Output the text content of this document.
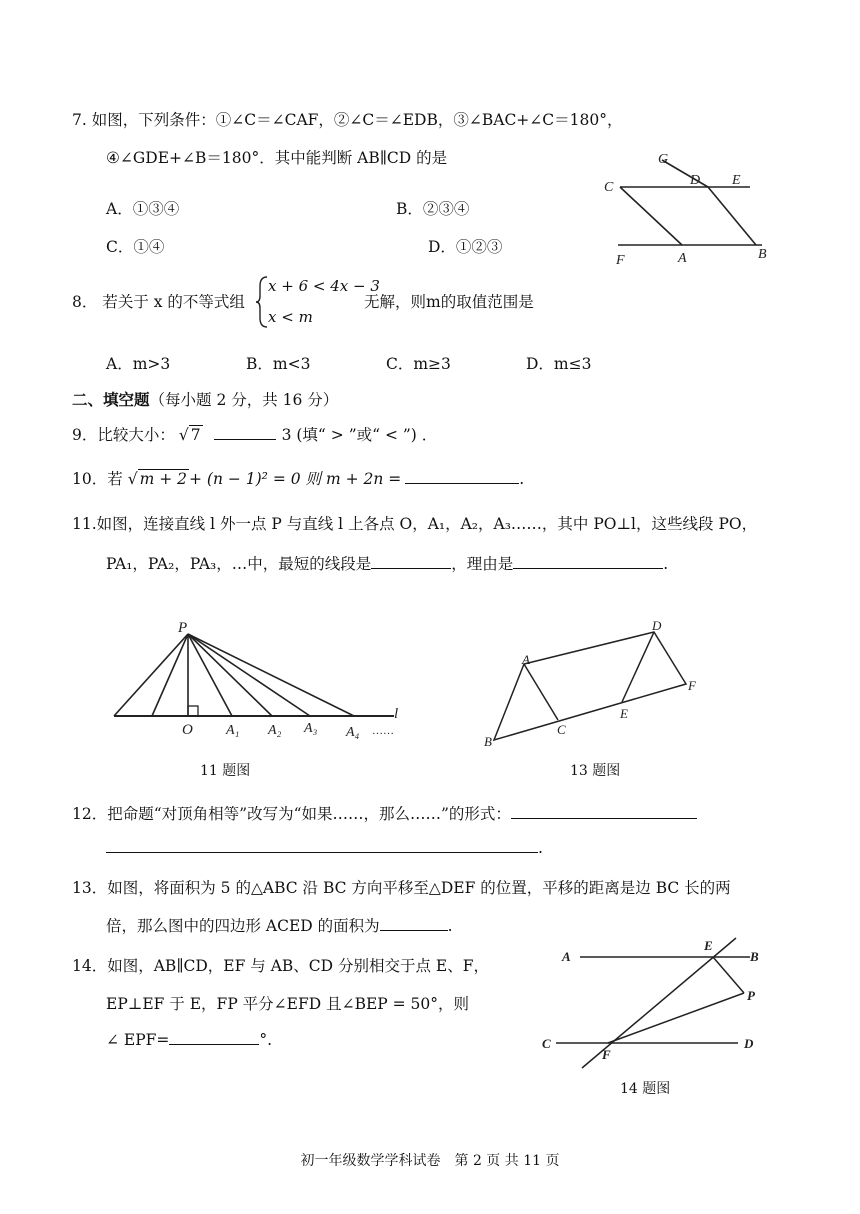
7. 如图，下列条件：①∠C＝∠CAF，②∠C＝∠EDB，③∠BAC+∠C＝180°，
④∠GDE+∠B＝180°．其中能判断 AB∥CD 的是
A．①③④	B．②③④
C．①④	D．①②③
G
C	D E
F	A	B
8． 若关于 x 的不等式组
x + 6 < 4x − 3
x < m
无解，则m的取值范围是
A．m>3	B．m<3	C．m≥3	D．m≤3
二、填空题（每小题 2 分，共 16 分）
9．比较大小： √ 7	3 (填“ > ”或“ < ”) ．
10．若 √ m + 2 + (n − 1)² = 0 则 m + 2n =	.
11.如图，连接直线 l 外一点 P 与直线 l 上各点 O，A₁，A₂，A₃……，其中 PO⊥l，这些线段 PO，
PA₁，PA₂，PA₃，…中，最短的线段是	，理由是	.
P
O A₁ A₂ A₃ A₄
l
……
11 题图
A
B
C
D
E
F
13 题图
12．把命题“对顶角相等”改写为“如果……，那么……”的形式：
.
13．如图，将面积为 5 的△ABC 沿 BC 方向平移至△DEF 的位置，平移的距离是边 BC 长的两
倍，那么图中的四边形 ACED 的面积为	.
14．如图，AB∥CD，EF 与 AB、CD 分别相交于点 E、F，
EP⊥EF 于 E，FP 平分∠EFD 且∠BEP = 50°，则
∠ EPF=	°.
A
E
B
P
C
F
D
14 题图
初一年级数学学科试卷　第 2 页 共 11 页
